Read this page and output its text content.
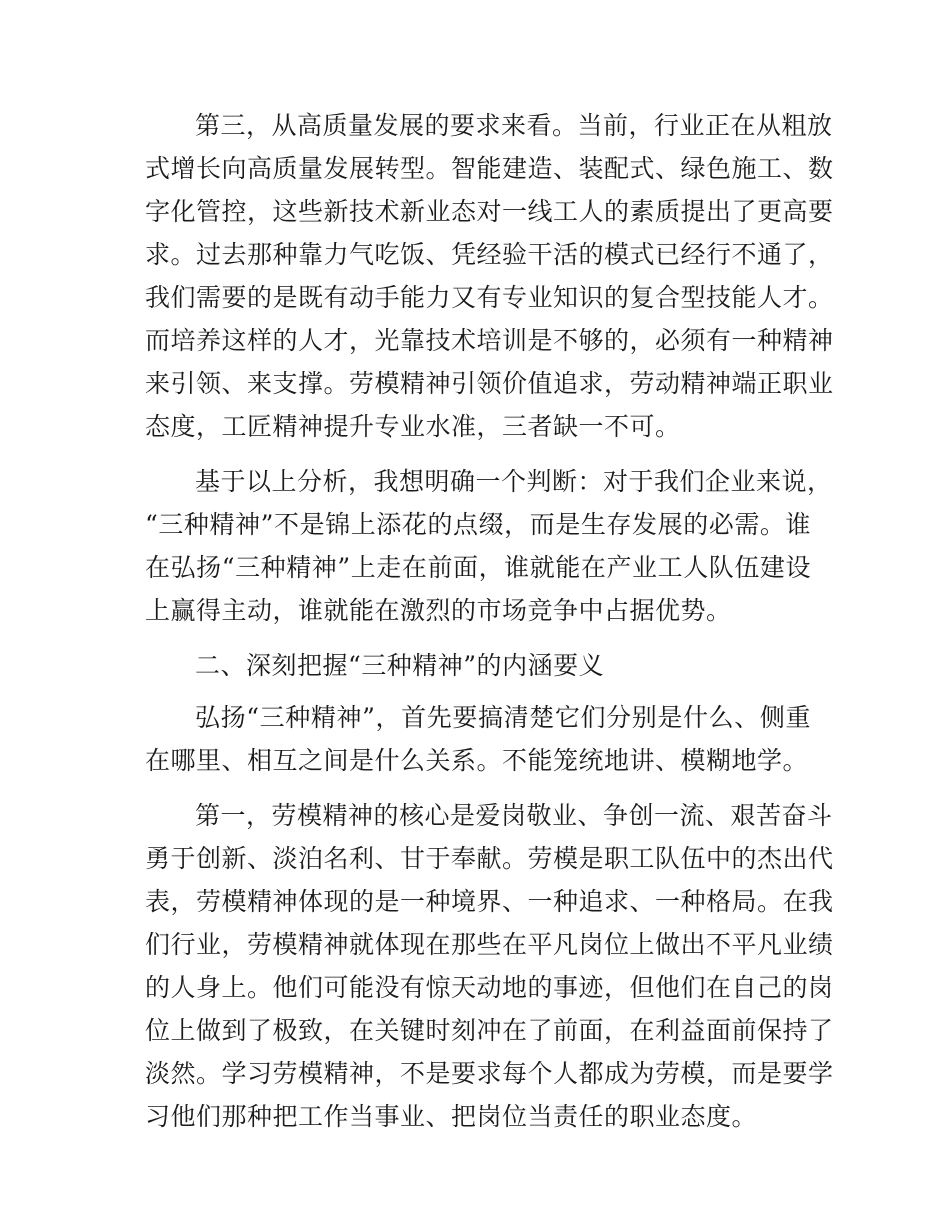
第三，从高质量发展的要求来看。当前，行业正在从粗放
式增长向高质量发展转型。智能建造、装配式、绿色施工、数
字化管控，这些新技术新业态对一线工人的素质提出了更高要
求。过去那种靠力气吃饭、凭经验干活的模式已经行不通了，
我们需要的是既有动手能力又有专业知识的复合型技能人才。
而培养这样的人才，光靠技术培训是不够的，必须有一种精神
来引领、来支撑。劳模精神引领价值追求，劳动精神端正职业
态度，工匠精神提升专业水准，三者缺一不可。
基于以上分析，我想明确一个判断：对于我们企业来说，
“三种精神”不是锦上添花的点缀，而是生存发展的必需。谁
在弘扬“三种精神”上走在前面，谁就能在产业工人队伍建设
上赢得主动，谁就能在激烈的市场竞争中占据优势。
二、深刻把握“三种精神”的内涵要义
弘扬“三种精神”，首先要搞清楚它们分别是什么、侧重
在哪里、相互之间是什么关系。不能笼统地讲、模糊地学。
第一，劳模精神的核心是爱岗敬业、争创一流、艰苦奋斗
勇于创新、淡泊名利、甘于奉献。劳模是职工队伍中的杰出代
表，劳模精神体现的是一种境界、一种追求、一种格局。在我
们行业，劳模精神就体现在那些在平凡岗位上做出不平凡业绩
的人身上。他们可能没有惊天动地的事迹，但他们在自己的岗
位上做到了极致，在关键时刻冲在了前面，在利益面前保持了
淡然。学习劳模精神，不是要求每个人都成为劳模，而是要学
习他们那种把工作当事业、把岗位当责任的职业态度。
